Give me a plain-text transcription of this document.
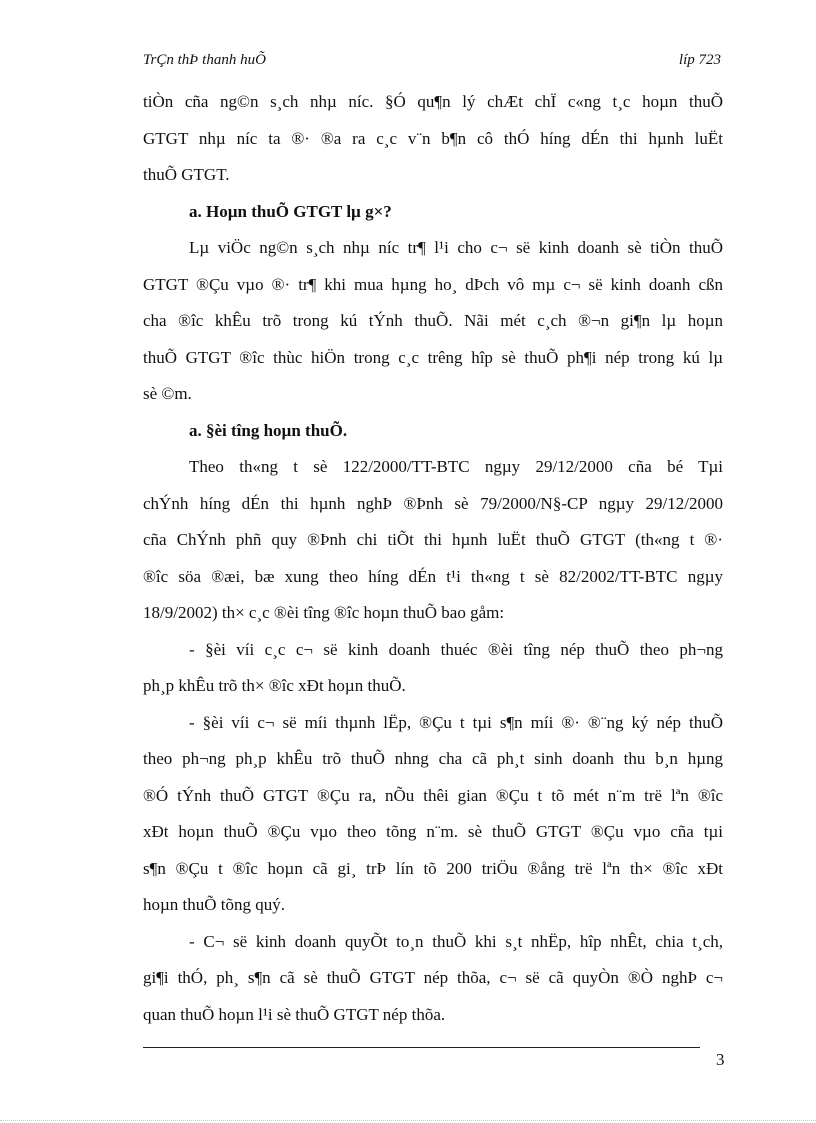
TrÇn thÞ thanh huÕ	líp 723
tiÒn cña ng©n s¸ch nhµ níc. §Ó qu¶n lý chÆt chÏ c«ng t¸c hoµn thuÕ
GTGT nhµ níc ta ®· ®a ra c¸c v¨n b¶n cô thÓ híng dÉn thi hµnh luËt
thuÕ GTGT.
a. Hoµn thuÕ GTGT lµ g×?
Lµ viÖc ng©n s¸ch nhµ níc tr¶ l¹i cho c¬ së kinh doanh sè tiÒn thuÕ
GTGT ®Çu vµo ®· tr¶ khi mua hµng ho¸ dÞch vô mµ c¬ së kinh doanh cßn
cha ®îc khÊu trõ trong kú tÝnh thuÕ. Nãi mét c¸ch ®¬n gi¶n lµ hoµn
thuÕ GTGT ®îc thùc hiÖn trong c¸c trêng hîp sè thuÕ ph¶i nép trong kú lµ
sè ©m.
a. §èi tîng hoµn thuÕ.
Theo th«ng t sè 122/2000/TT-BTC ngµy 29/12/2000 cña bé Tµi
chÝnh híng dÉn thi hµnh nghÞ ®Þnh sè 79/2000/N§-CP ngµy 29/12/2000
cña ChÝnh phñ quy ®Þnh chi tiÕt thi hµnh luËt thuÕ GTGT (th«ng t ®·
®îc söa ®æi, bæ xung theo híng dÉn t¹i th«ng t sè 82/2002/TT-BTC ngµy
18/9/2002) th× c¸c ®èi tîng ®îc hoµn thuÕ bao gåm:
- §èi víi c¸c c¬ së kinh doanh thuéc ®èi tîng nép thuÕ theo ph¬ng
ph¸p khÊu trõ th× ®îc xÐt hoµn thuÕ.
- §èi víi c¬ së míi thµnh lËp, ®Çu t tµi s¶n míi ®· ®¨ng ký nép thuÕ
theo ph¬ng ph¸p khÊu trõ thuÕ nhng cha cã ph¸t sinh doanh thu b¸n hµng
®Ó tÝnh thuÕ GTGT ®Çu ra, nÕu thêi gian ®Çu t tõ mét n¨m trë lªn ®îc
xÐt hoµn thuÕ ®Çu vµo theo tõng n¨m. sè thuÕ GTGT ®Çu vµo cña tµi
s¶n ®Çu t ®îc hoµn cã gi¸ trÞ lín tõ 200 triÖu ®ång trë lªn th× ®îc xÐt
hoµn thuÕ tõng quý.
- C¬ së kinh doanh quyÕt to¸n thuÕ khi s¸t nhËp, hîp nhÊt, chia t¸ch,
gi¶i thÓ, ph¸ s¶n cã sè thuÕ GTGT nép thõa, c¬ së cã quyÒn ®Ò nghÞ c¬
quan thuÕ hoµn l¹i sè thuÕ GTGT nép thõa.
3
